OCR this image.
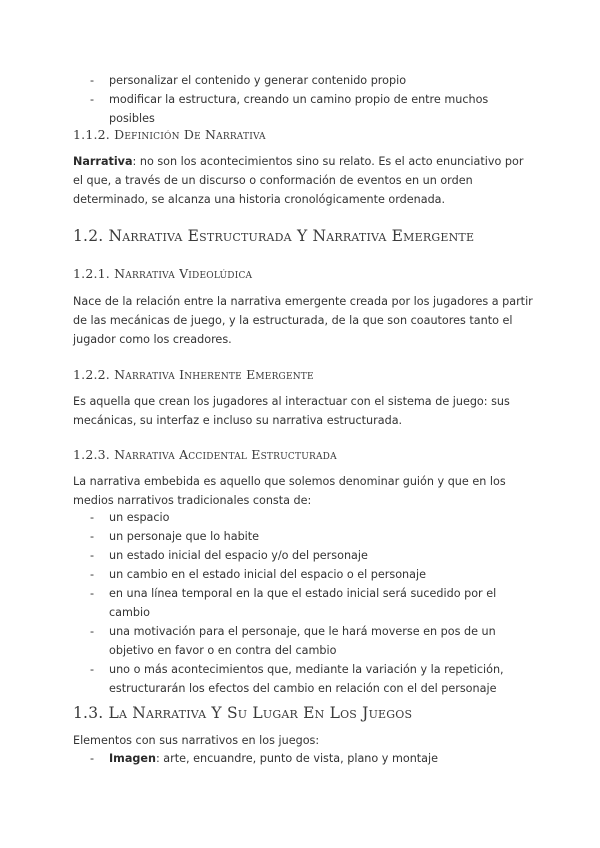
- personalizar el contenido y generar contenido propio
- modificar la estructura, creando un camino propio de entre muchos posibles
1.1.2. Definición De Narrativa

Narrativa: no son los acontecimientos sino su relato. Es el acto enunciativo por el que, a través de un discurso o conformación de eventos en un orden determinado, se alcanza una historia cronológicamente ordenada.

1.2. Narrativa Estructurada Y Narrativa Emergente
1.2.1. Narrativa Videolúdica

Nace de la relación entre la narrativa emergente creada por los jugadores a partir de las mecánicas de juego, y la estructurada, de la que son coautores tanto el jugador como los creadores.

1.2.2. Narrativa Inherente Emergente

Es aquella que crean los jugadores al interactuar con el sistema de juego: sus mecánicas, su interfaz e incluso su narrativa estructurada.

1.2.3. Narrativa Accidental Estructurada

La narrativa embebida es aquello que solemos denominar guión y que en los medios narrativos tradicionales consta de:

- un espacio
- un personaje que lo habite
- un estado inicial del espacio y/o del personaje
- un cambio en el estado inicial del espacio o el personaje
- en una línea temporal en la que el estado inicial será sucedido por el cambio
- una motivación para el personaje, que le hará moverse en pos de un objetivo en favor o en contra del cambio
- uno o más acontecimientos que, mediante la variación y la repetición, estructurarán los efectos del cambio en relación con el del personaje
1.3. La Narrativa Y Su Lugar En Los Juegos

Elementos con sus narrativos en los juegos:

- Imagen: arte, encuandre, punto de vista, plano y montaje
